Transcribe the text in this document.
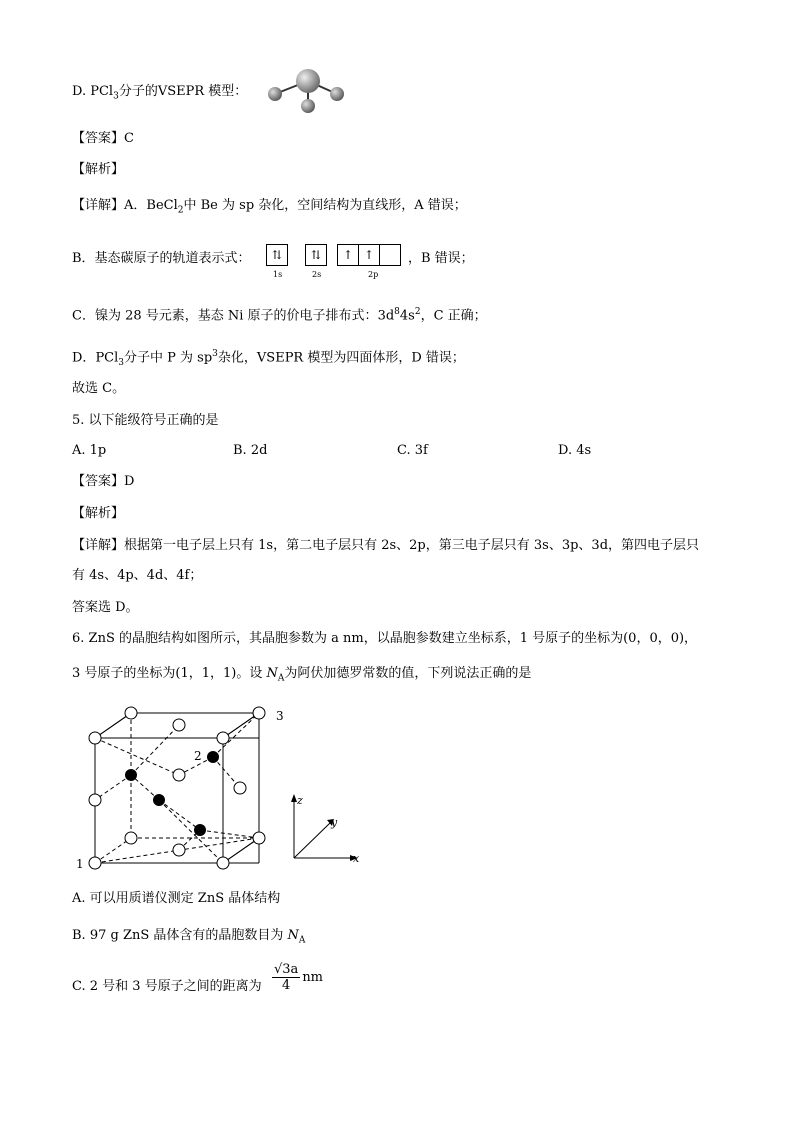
D. PCl$_3$分子的VSEPR 模型：
【答案】C
【解析】
【详解】A．BeCl$_2$中 Be 为 sp 杂化，空间结构为直线形，A 错误；
B．基态碳原子的轨道表示式：	⇅
1s
⇅
2s
↑ ↑
2p
，B 错误；
C．镍为 28 号元素，基态 Ni 原子的价电子排布式：$3d^84s^2$，C 正确；
D．PCl$_3$分子中 P 为 $sp^3$杂化，VSEPR 模型为四面体形，D 错误；
故选 C。
5. 以下能级符号正确的是
A. 1p	B. 2d	C. 3f	D. 4s
【答案】D
【解析】
【详解】根据第一电子层上只有 1s，第二电子层只有 2s、2p，第三电子层只有 3s、3p、3d，第四电子层只
有 4s、4p、4d、4f；
答案选 D。
6. ZnS 的晶胞结构如图所示，其晶胞参数为 a nm，以晶胞参数建立坐标系，1 号原子的坐标为(0，0，0)，
3 号原子的坐标为(1，1，1)。设 $N_A$为阿伏加德罗常数的值，下列说法正确的是
1
2
3
x
z
y
A. 可以用质谱仪测定 ZnS 晶体结构
B. 97 g ZnS 晶体含有的晶胞数目为 $N_A$
C. 2 号和 3 号原子之间的距离为 $\frac{√3a}{4}$ nm
